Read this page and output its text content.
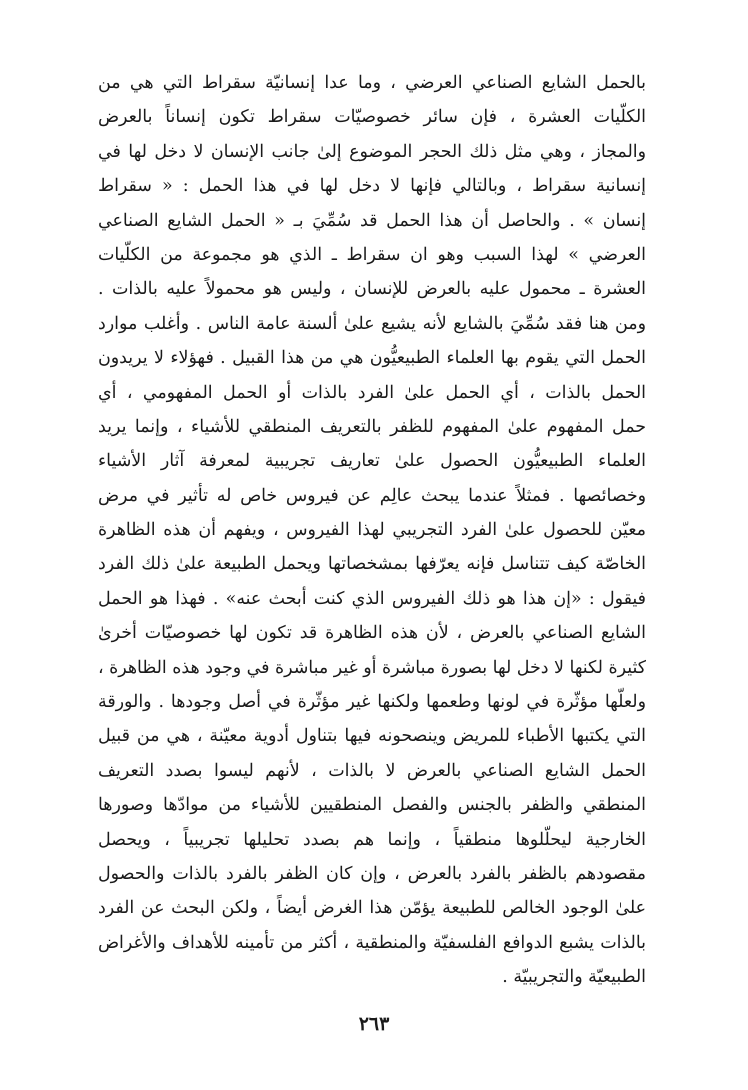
بالحمل الشايع الصناعي العرضي ، وما عدا إنسانيّة سقراط التي هي من
الكلّيات العشرة ، فإن سائر خصوصيّات سقراط تكون إنساناً بالعرض
والمجاز ، وهي مثل ذلك الحجر الموضوع إلىٰ جانب الإنسان لا دخل لها في
إنسانية سقراط ، وبالتالي فإنها لا دخل لها في هذا الحمل : « سقراط
إنسان » . والحاصل أن هذا الحمل قد سُمِّيَ بـ « الحمل الشايع الصناعي
العرضي » لهذا السبب وهو ان سقراط ـ الذي هو مجموعة من الكلّيات
العشرة ـ محمول عليه بالعرض للإنسان ، وليس هو محمولاً عليه بالذات .
ومن هنا فقد سُمِّيَ بالشايع لأنه يشيع علىٰ ألسنة عامة الناس . وأغلب موارد
الحمل التي يقوم بها العلماء الطبيعيُّون هي من هذا القبيل . فهؤلاء لا يريدون
الحمل بالذات ، أي الحمل علىٰ الفرد بالذات أو الحمل المفهومي ، أي
حمل المفهوم علىٰ المفهوم للظفر بالتعريف المنطقي للأشياء ، وإنما يريد
العلماء الطبيعيُّون الحصول علىٰ تعاريف تجريبية لمعرفة آثار الأشياء
وخصائصها . فمثلاً عندما يبحث عالِم عن فيروس خاص له تأثير في مرض
معيّن للحصول علىٰ الفرد التجريبي لهذا الفيروس ، ويفهم أن هذه الظاهرة
الخاصّة كيف تتناسل فإنه يعرّفها بمشخصاتها ويحمل الطبيعة علىٰ ذلك الفرد
فيقول : «إن هذا هو ذلك الفيروس الذي كنت أبحث عنه» . فهذا هو الحمل
الشايع الصناعي بالعرض ، لأن هذه الظاهرة قد تكون لها خصوصيّات أخرىٰ
كثيرة لكنها لا دخل لها بصورة مباشرة أو غير مباشرة في وجود هذه الظاهرة ،
ولعلّها مؤثّرة في لونها وطعمها ولكنها غير مؤثّرة في أصل وجودها . والورقة
التي يكتبها الأطباء للمريض وينصحونه فيها بتناول أدوية معيّنة ، هي من قبيل
الحمل الشايع الصناعي بالعرض لا بالذات ، لأنهم ليسوا بصدد التعريف
المنطقي والظفر بالجنس والفصل المنطقيين للأشياء من موادّها وصورها
الخارجية ليحلّلوها منطقياً ، وإنما هم بصدد تحليلها تجريبياً ، ويحصل
مقصودهم بالظفر بالفرد بالعرض ، وإن كان الظفر بالفرد بالذات والحصول
علىٰ الوجود الخالص للطبيعة يؤمّن هذا الغرض أيضاً ، ولكن البحث عن الفرد
بالذات يشبع الدوافع الفلسفيّة والمنطقية ، أكثر من تأمينه للأهداف والأغراض
الطبيعيّة والتجريبيّة .
٢٦٣
